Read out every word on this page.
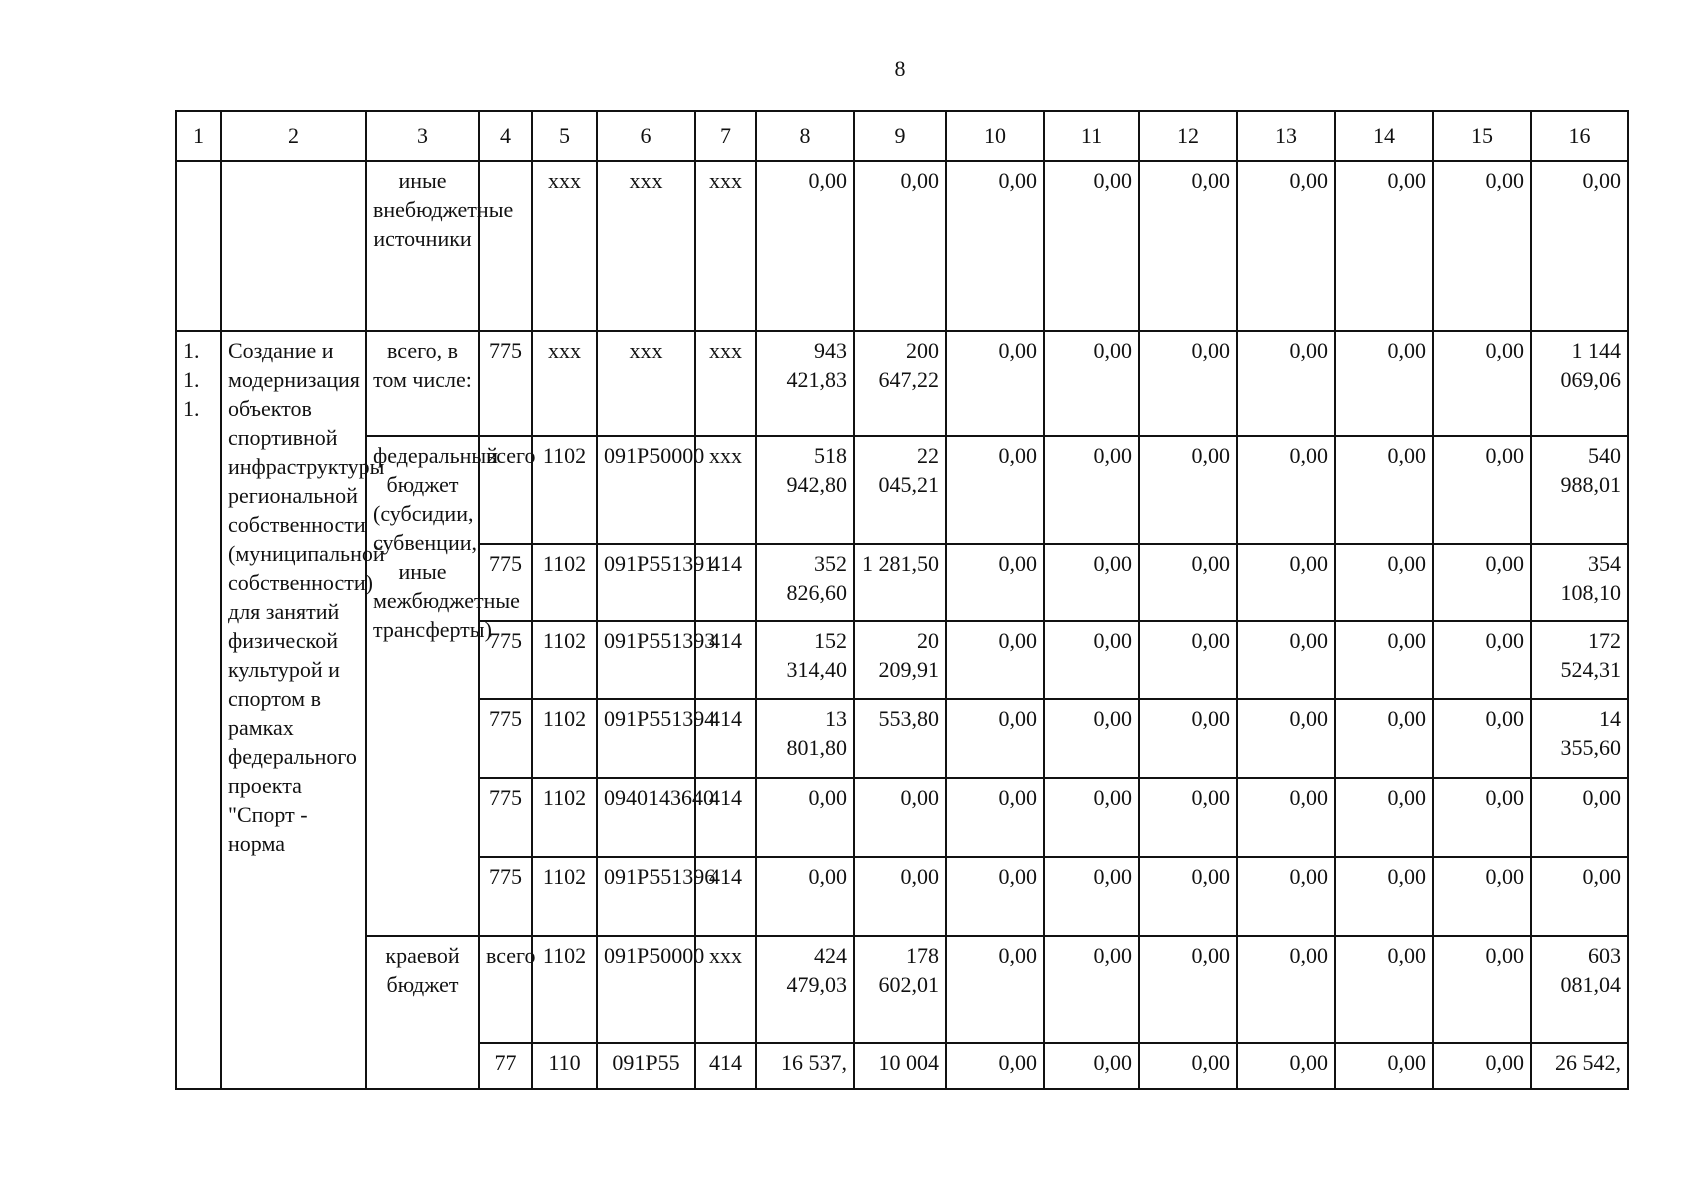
8
1	2	3	4	5	6	7	8	9	10	11	12	13	14	15	16
		иные внебюджетные источники		xxx	xxx	xxx	0,00	0,00	0,00	0,00	0,00	0,00	0,00	0,00	0,00
1. 1. 1.	Создание и модернизация объектов спортивной инфраструктуры региональной собственности (муниципальной собственности) для занятий физической культурой и спортом в рамках федерального проекта "Спорт - норма	всего, в том числе:	775	xxx	xxx	xxx	943 421,83	200 647,22	0,00	0,00	0,00	0,00	0,00	0,00	1 144 069,06
		федеральный бюджет (субсидии, субвенции, иные межбюджетные трансферты)	всего	1102	091P50000	xxx	518 942,80	22 045,21	0,00	0,00	0,00	0,00	0,00	0,00	540 988,01
			775	1102	091P551391	414	352 826,60	1 281,50	0,00	0,00	0,00	0,00	0,00	0,00	354 108,10
			775	1102	091P551393	414	152 314,40	20 209,91	0,00	0,00	0,00	0,00	0,00	0,00	172 524,31
			775	1102	091P551394	414	13 801,80	553,80	0,00	0,00	0,00	0,00	0,00	0,00	14 355,60
			775	1102	0940143640	414	0,00	0,00	0,00	0,00	0,00	0,00	0,00	0,00	0,00
			775	1102	091P551396	414	0,00	0,00	0,00	0,00	0,00	0,00	0,00	0,00	0,00
		краевой бюджет	всего	1102	091P50000	xxx	424 479,03	178 602,01	0,00	0,00	0,00	0,00	0,00	0,00	603 081,04
			77	110	091P55	414	16 537,	10 004	0,00	0,00	0,00	0,00	0,00	0,00	26 542,
